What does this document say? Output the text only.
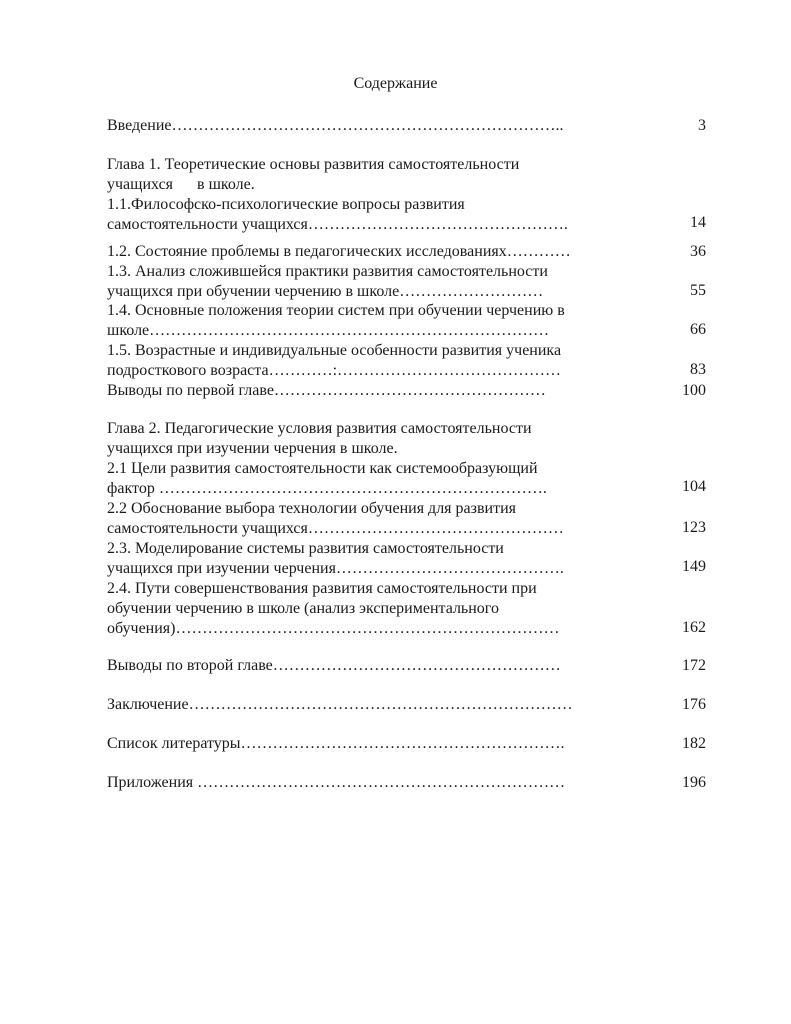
Содержание
Введение………………………………………………………………..	3
Глава 1. Теоретические основы развития самостоятельности
учащихся      в школе.
1.1.Философско-психологические вопросы развития
самостоятельности учащихся………………………………………….	14
1.2. Состояние проблемы в педагогических исследованиях…………	36
1.3. Анализ сложившейся практики развития самостоятельности
учащихся при обучении черчению в школе………………………	55
1.4. Основные положения теории систем при обучении черчению в
школе…………………………………………………………………	66
1.5. Возрастные и индивидуальные особенности развития ученика
подросткового возраста…………:……………………………………	83
Выводы по первой главе……………………………………………	100
Глава 2. Педагогические условия развития самостоятельности
учащихся при изучении черчения в школе.
2.1 Цели развития самостоятельности как системообразующий
фактор ……………………………………………………………….	104
2.2 Обоснование выбора технологии обучения для развития
самостоятельности учащихся…………………………………………	123
2.3. Моделирование системы развития самостоятельности
учащихся при изучении черчения…………………………………….	149
2.4. Пути совершенствования развития самостоятельности при
обучении черчению в школе (анализ экспериментального
обучения)………………………………………………………………	162
Выводы по второй главе………………………………………………	172
Заключение………………………………………………………………	176
Список литературы…………………………………………………….	182
Приложения ……………………………………………………………	196
